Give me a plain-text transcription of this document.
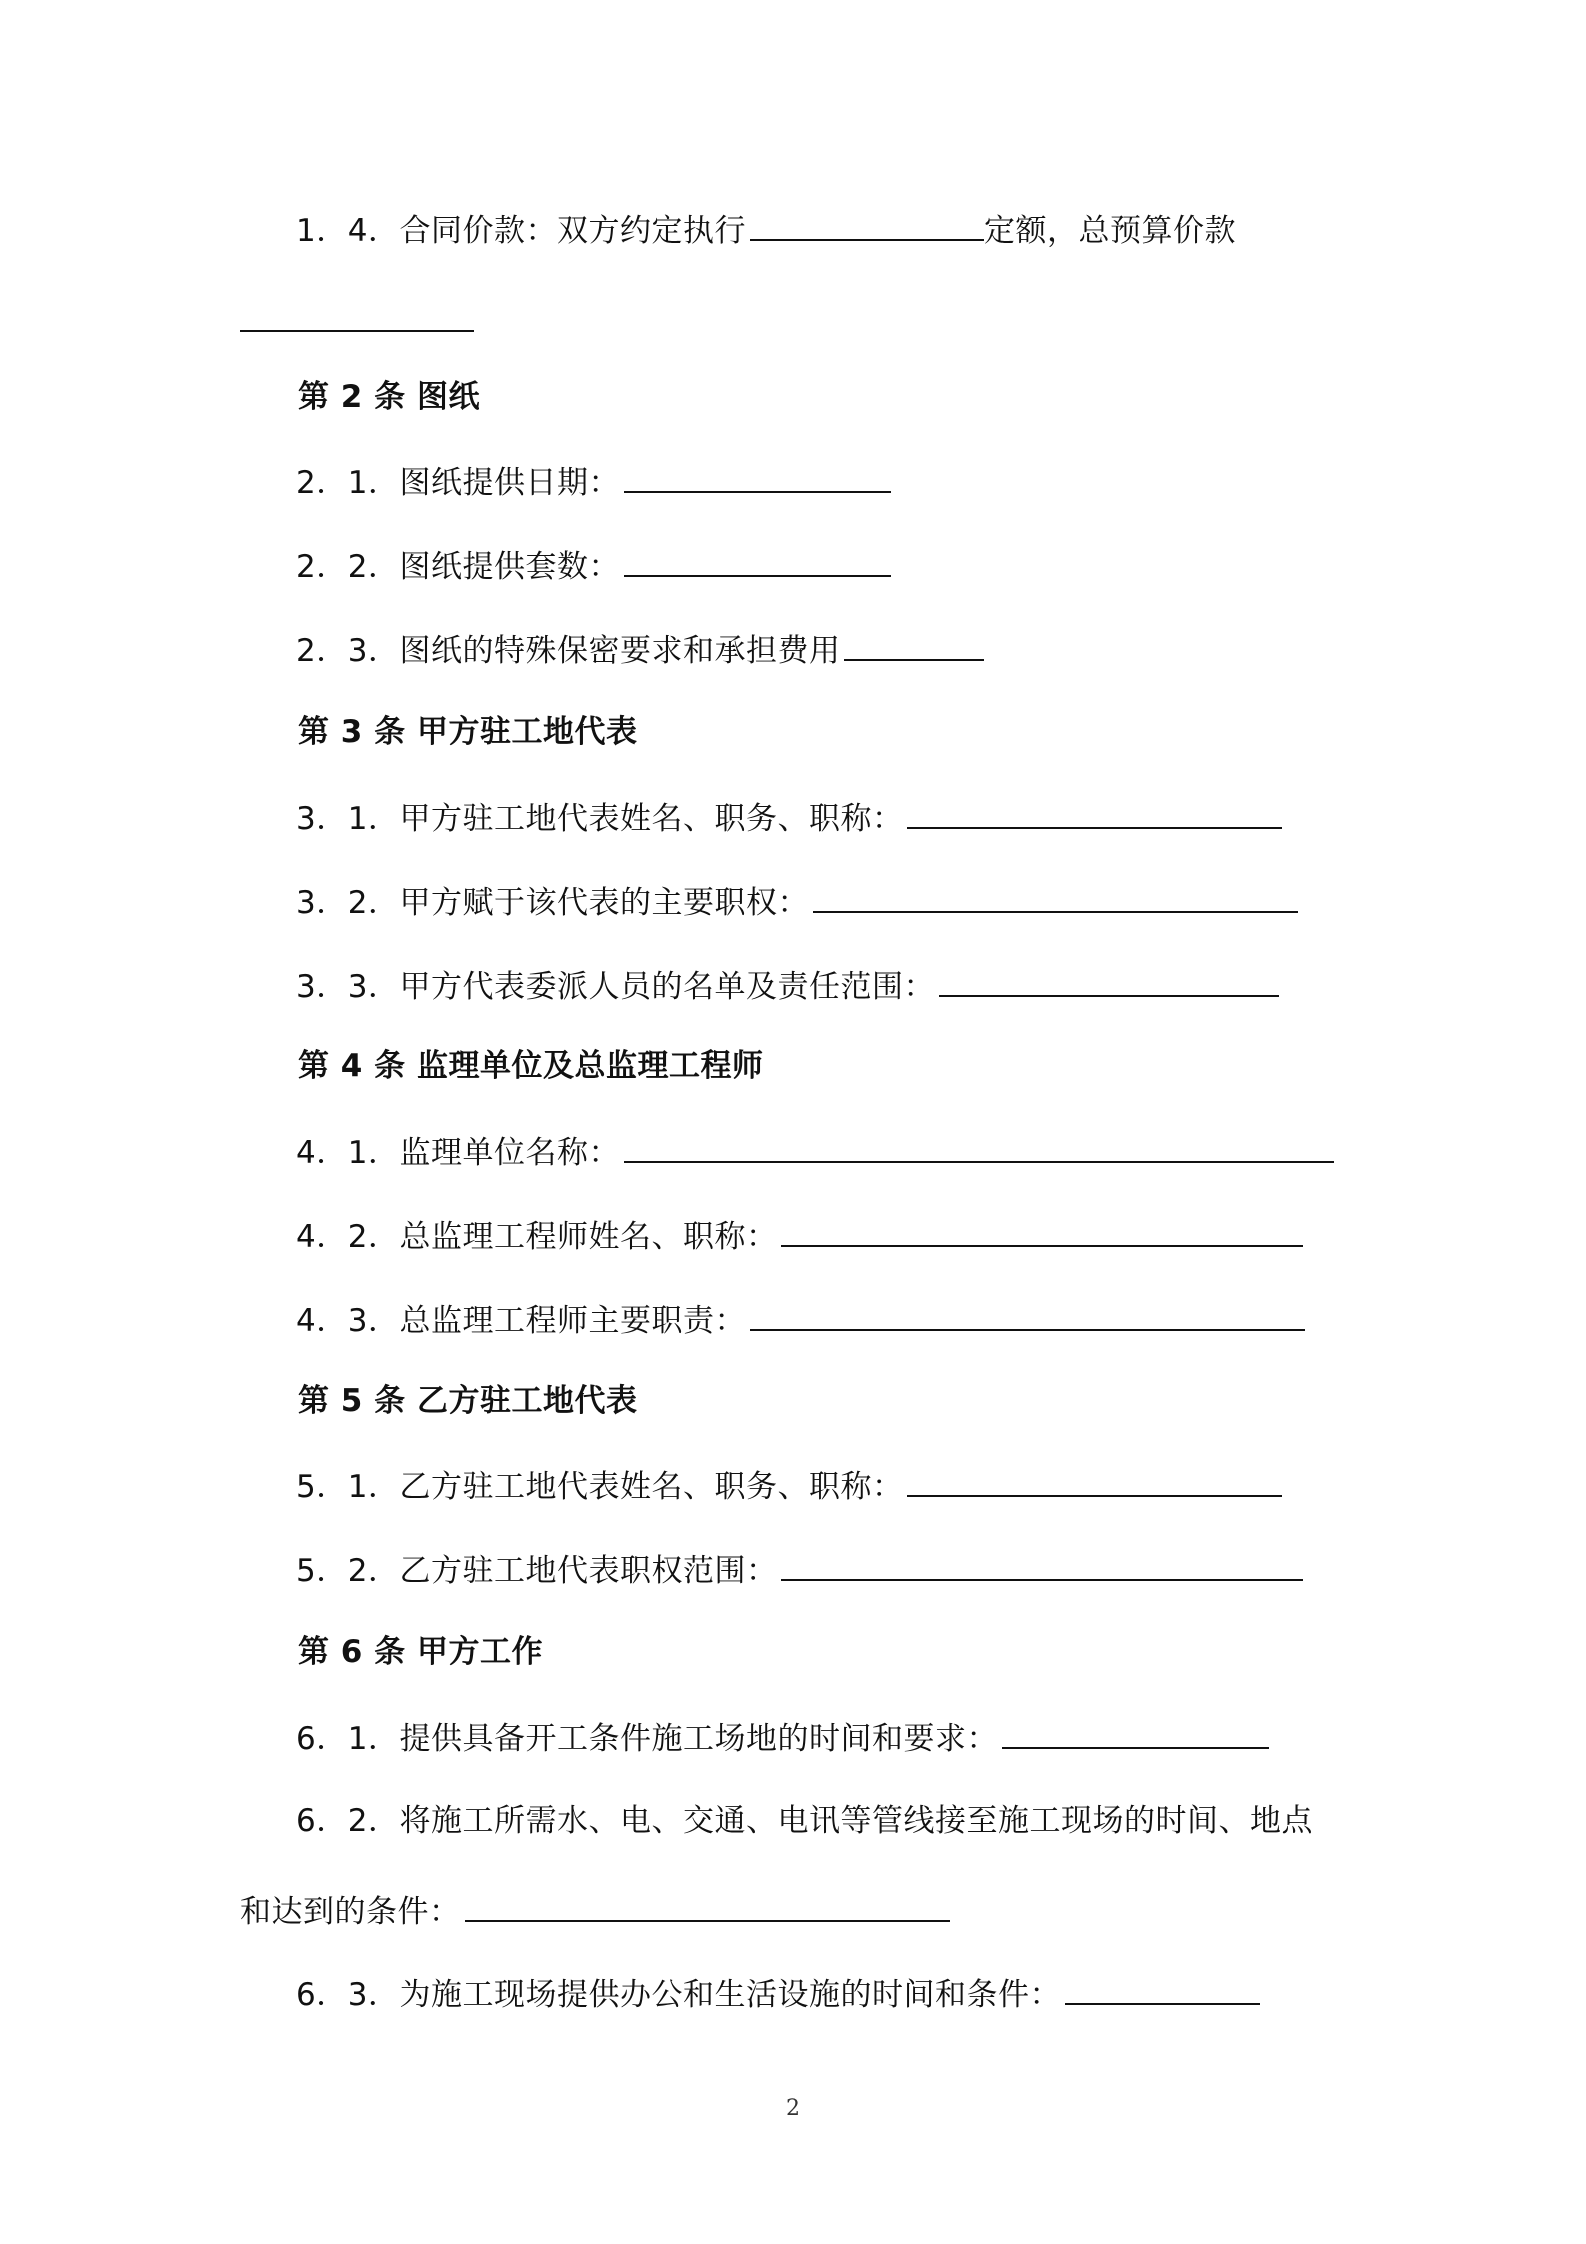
1．4．合同价款：双方约定执行	定额，总预算价款
第 2 条 图纸
2．1．图纸提供日期：
2．2．图纸提供套数：
2．3．图纸的特殊保密要求和承担费用
第 3 条 甲方驻工地代表
3．1．甲方驻工地代表姓名、职务、职称：
3．2．甲方赋于该代表的主要职权：
3．3．甲方代表委派人员的名单及责任范围：
第 4 条 监理单位及总监理工程师
4．1．监理单位名称：
4．2．总监理工程师姓名、职称：
4．3．总监理工程师主要职责：
第 5 条 乙方驻工地代表
5．1．乙方驻工地代表姓名、职务、职称：
5．2．乙方驻工地代表职权范围：
第 6 条 甲方工作
6．1．提供具备开工条件施工场地的时间和要求：
6．2．将施工所需水、电、交通、电讯等管线接至施工现场的时间、地点
和达到的条件：
6．3．为施工现场提供办公和生活设施的时间和条件：
2
